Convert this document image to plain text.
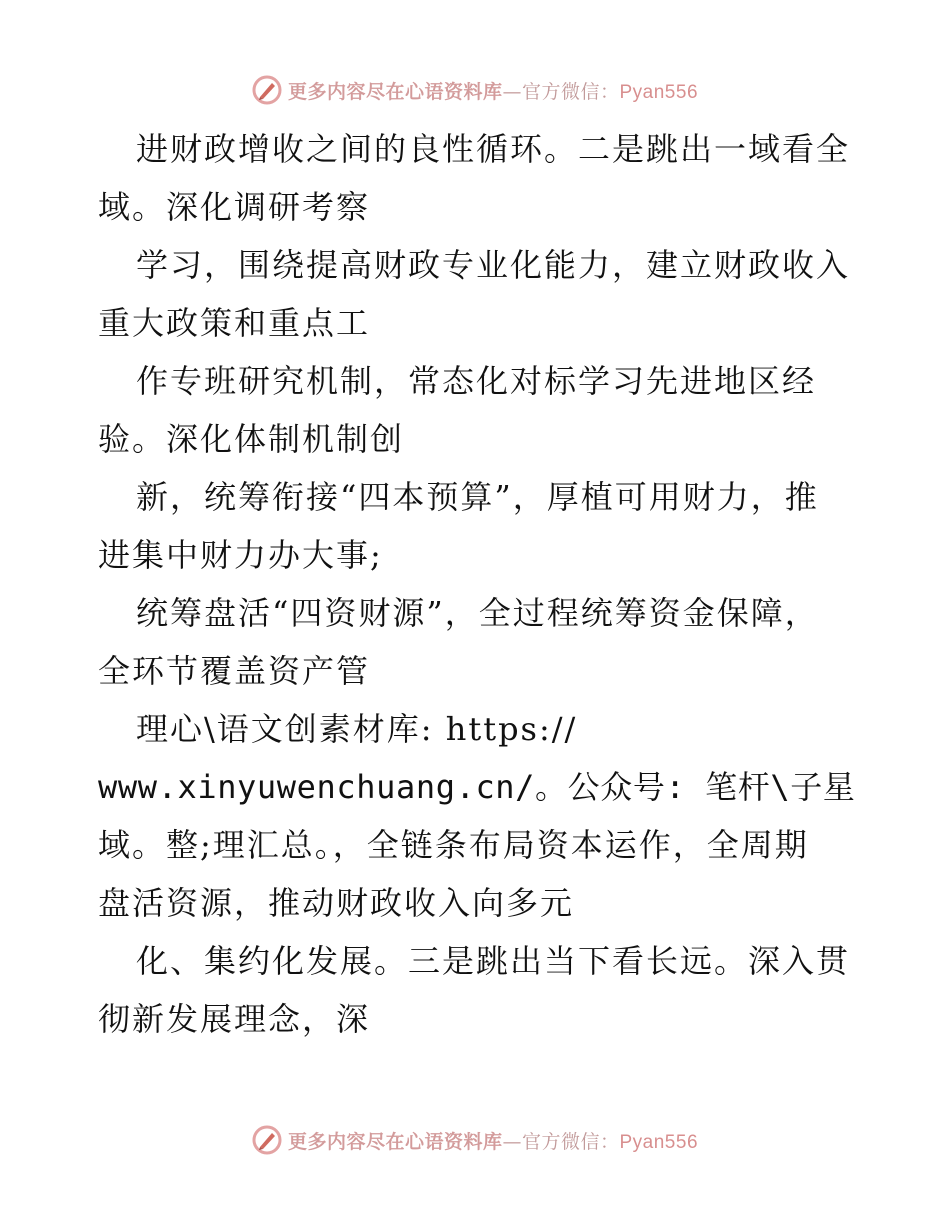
更多内容尽在心语资料库—官方微信：Pyan556
进财政增收之间的良性循环。二是跳出一域看全
域。深化调研考察
学习，围绕提高财政专业化能力，建立财政收入
重大政策和重点工
作专班研究机制，常态化对标学习先进地区经
验。深化体制机制创
新，统筹衔接“四本预算”，厚植可用财力，推
进集中财力办大事;
统筹盘活“四资财源”，全过程统筹资金保障，
全环节覆盖资产管
理心\语文创素材库: https://
www.xinyuwenchuang.cn/。公众号: 笔杆\子星
域。整;理汇总。，全链条布局资本运作，全周期
盘活资源，推动财政收入向多元
化、集约化发展。三是跳出当下看长远。深入贯
彻新发展理念，深
更多内容尽在心语资料库—官方微信：Pyan556
